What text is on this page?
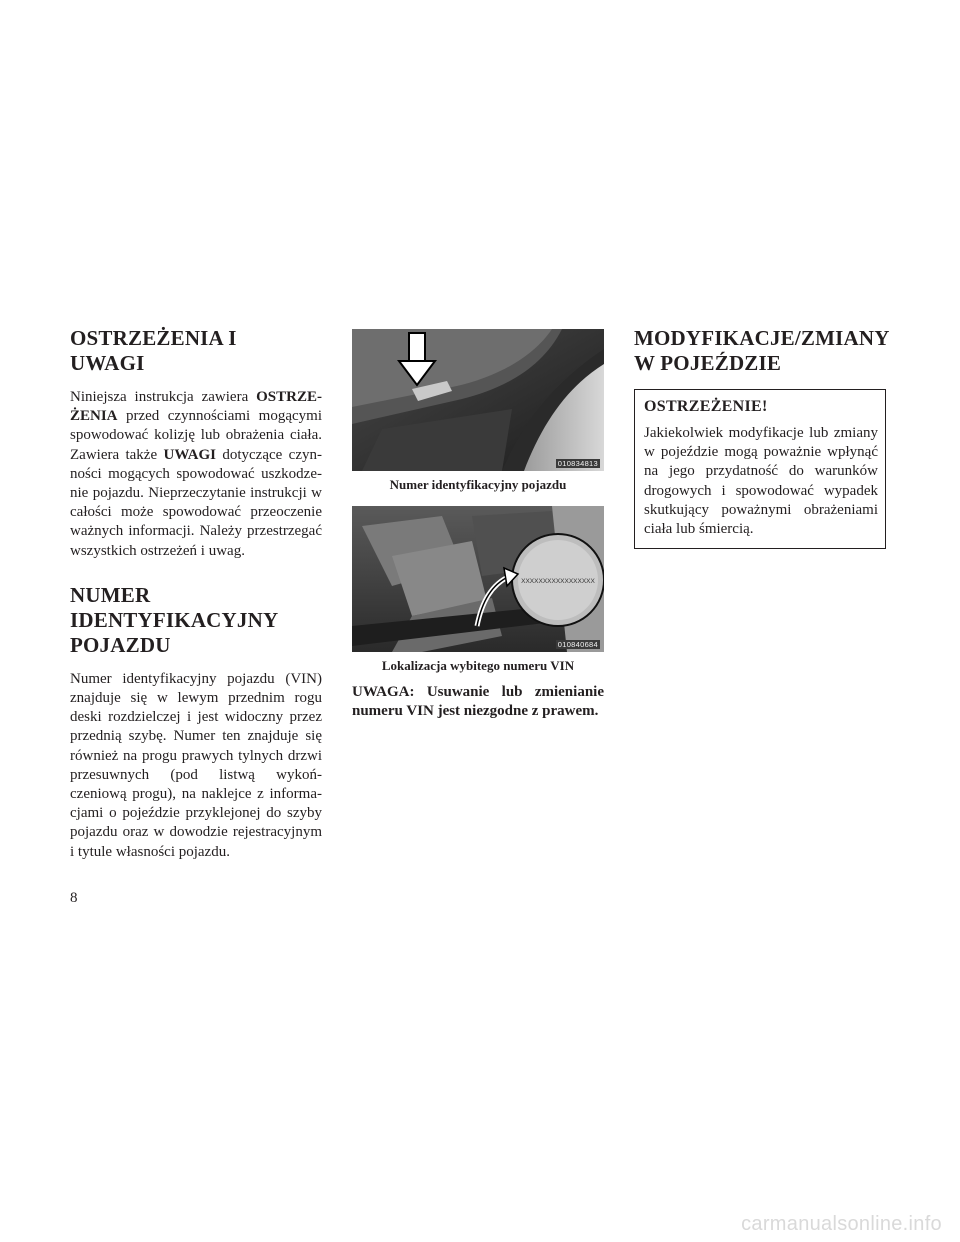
OSTRZEŻENIA I
UWAGI

Niniejsza instrukcja zawiera OSTRZE-ŻENIA przed czynnościami mogącymi spowodować kolizję lub obrażenia ciała. Zawiera także UWAGI dotyczące czyn-ności mogących spowodować uszkodze-nie pojazdu. Nieprzeczytanie instrukcji w całości może spowodować przeoczenie ważnych informacji. Należy przestrzegać wszystkich ostrzeżeń i uwag.

NUMER
IDENTYFIKACYJNY
POJAZDU

Numer identyfikacyjny pojazdu (VIN) znajduje się w lewym przednim rogu deski rozdzielczej i jest widoczny przez przednią szybę. Numer ten znajduje się również na progu prawych tylnych drzwi przesuwnych (pod listwą wykoń-czeniową progu), na naklejce z informa-cjami o pojeździe przyklejonej do szyby pojazdu oraz w dowodzie rejestracyjnym i tytule własności pojazdu.

010834813
Numer identyfikacyjny pojazdu
XXXXXXXXXXXXXXXXX
010840684
Lokalizacja wybitego numeru VIN
UWAGA: Usuwanie lub zmienianie numeru VIN jest niezgodne z prawem.
MODYFIKACJE/ZMIANY
W POJEŹDZIE
OSTRZEŻENIE!

Jakiekolwiek modyfikacje lub zmiany w pojeździe mogą poważnie wpłynąć na jego przydatność do warunków drogowych i spowodować wypadek skutkujący poważnymi obrażeniami ciała lub śmiercią.

8
carmanualsonline.info
